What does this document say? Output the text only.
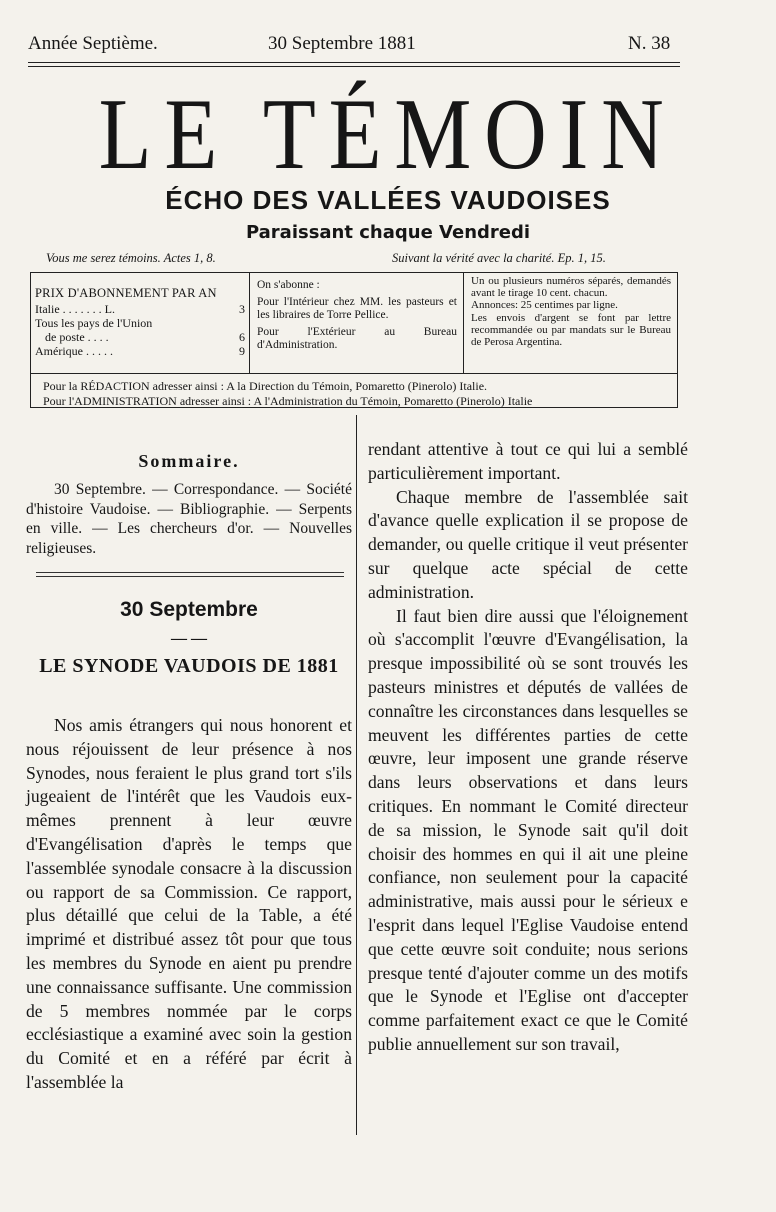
Année Septième.	30 Septembre 1881	N. 38
LE TÉMOIN
ÉCHO DES VALLÉES VAUDOISES
Paraissant chaque Vendredi
Vous me serez témoins. Actes 1, 8.	Suivant la vérité avec la charité. Ep. 1, 15.
PRIX D'ABONNEMENT PAR AN
Italie . . . . . . . L.	3
Tous les pays de l'Union
de poste . . . .	6
Amérique . . . . .	9
On s'abonne :
Pour l'Intérieur chez MM. les pasteurs et les libraires de Torre Pellice.
Pour l'Extérieur au Bureau d'Administration.
Un ou plusieurs numéros séparés, demandés avant le tirage 10 cent. chacun.
Annonces: 25 centimes par ligne.
Les envois d'argent se font par lettre recommandée ou par mandats sur le Bureau de Perosa Argentina.
Pour la RÉDACTION adresser ainsi : A la Direction du Témoin, Pomaretto (Pinerolo) Italie.
Pour l'ADMINISTRATION adresser ainsi : A l'Administration du Témoin, Pomaretto (Pinerolo) Italie
Sommaire.
30 Septembre. — Correspondance. — Société d'histoire Vaudoise. — Bibliographie. — Serpents en ville. — Les chercheurs d'or. — Nouvelles religieuses.
30 Septembre
— —
LE SYNODE VAUDOIS DE 1881
Nos amis étrangers qui nous honorent et nous réjouissent de leur présence à nos Synodes, nous feraient le plus grand tort s'ils jugeaient de l'intérêt que les Vaudois eux-mêmes prennent à leur œuvre d'Evangélisation d'après le temps que l'assemblée synodale consacre à la discussion ou rapport de sa Commission. Ce rapport, plus détaillé que celui de la Table, a été imprimé et distribué assez tôt pour que tous les membres du Synode en aient pu prendre une connaissance suffisante. Une commission de 5 membres nommée par le corps ecclésiastique a examiné avec soin la gestion du Comité et en a référé par écrit à l'assemblée la

rendant attentive à tout ce qui lui a semblé particulièrement important.

Chaque membre de l'assemblée sait d'avance quelle explication il se propose de demander, ou quelle critique il veut présenter sur quelque acte spécial de cette administration.

Il faut bien dire aussi que l'éloignement où s'accomplit l'œuvre d'Evangélisation, la presque impossibilité où se sont trouvés les pasteurs ministres et députés de vallées de connaître les circonstances dans lesquelles se meuvent les différentes parties de cette œuvre, leur imposent une grande réserve dans leurs observations et dans leurs critiques. En nommant le Comité directeur de sa mission, le Synode sait qu'il doit choisir des hommes en qui il ait une pleine confiance, non seulement pour la capacité administrative, mais aussi pour le sérieux e l'esprit dans lequel l'Eglise Vaudoise entend que cette œuvre soit conduite; nous serions presque tenté d'ajouter comme un des motifs que le Synode et l'Eglise ont d'accepter comme parfaitement exact ce que le Comité publie annuellement sur son travail,
